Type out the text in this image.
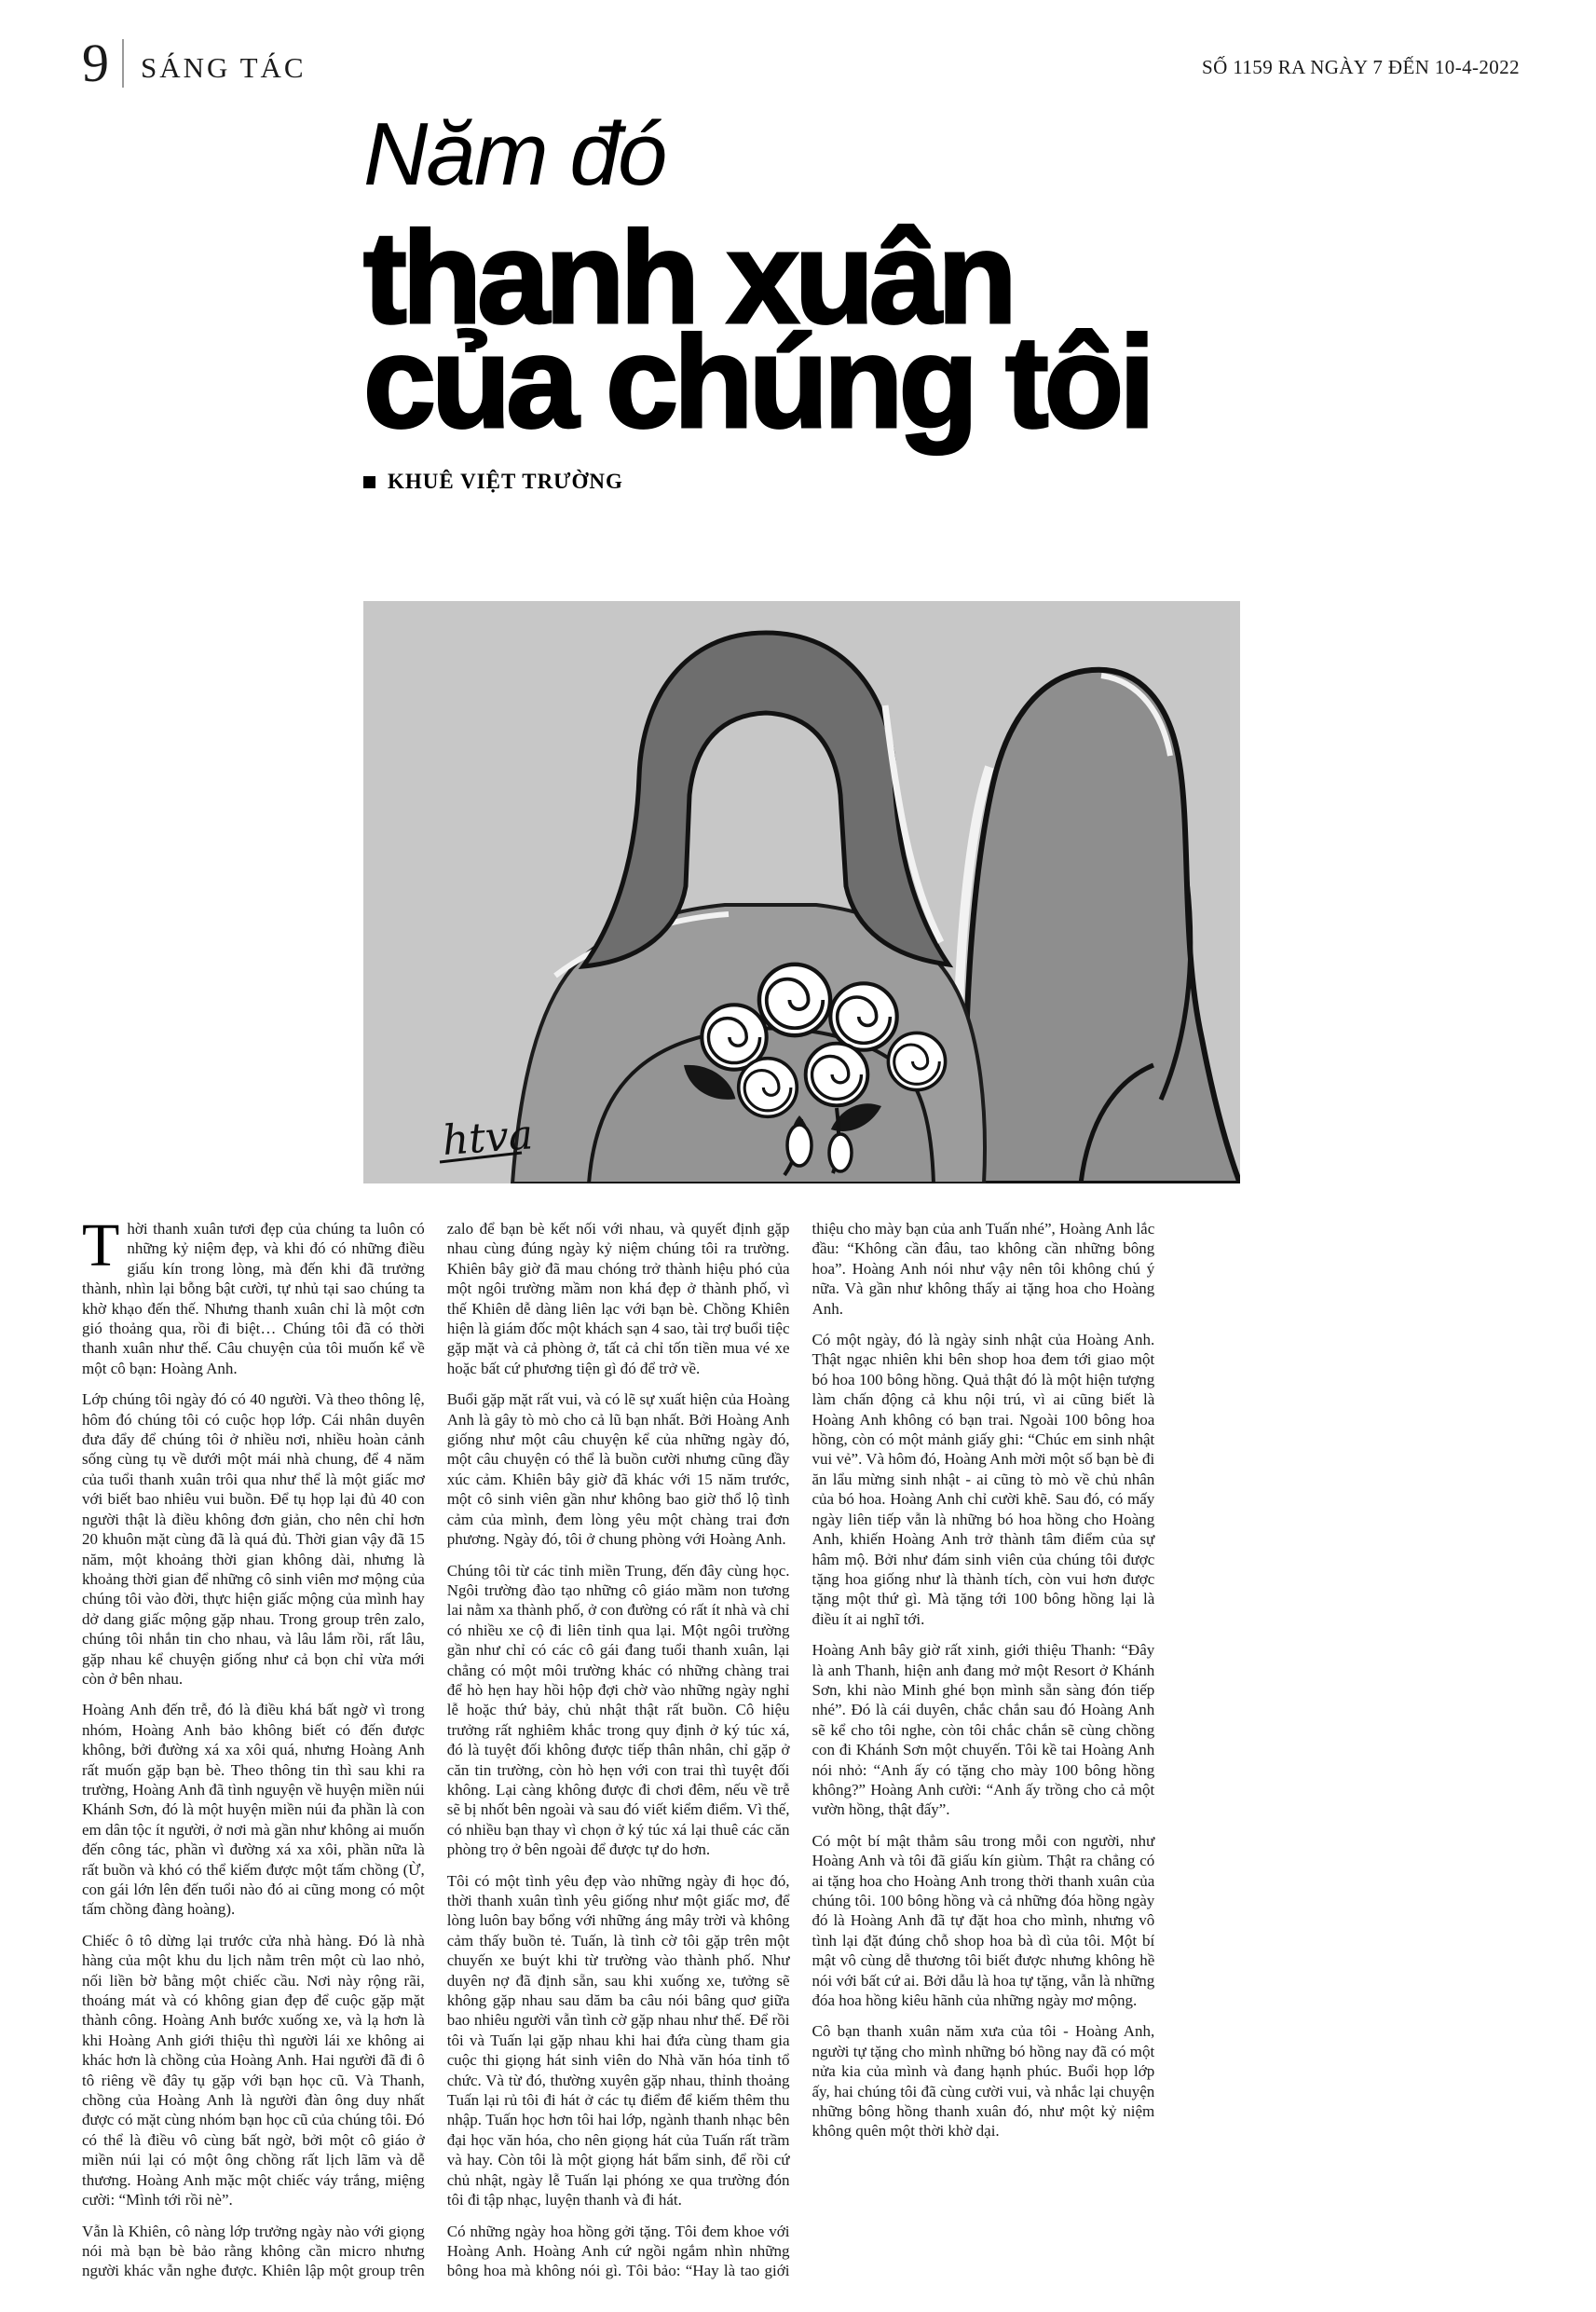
9 SÁNG TÁC	SỐ 1159 RA NGÀY 7 ĐẾN 10-4-2022
Năm đó
thanh xuân
của chúng tôi
KHUÊ VIỆT TRƯỜNG
htva

Thời thanh xuân tươi đẹp của chúng ta luôn có những kỷ niệm đẹp, và khi đó có những điều giấu kín trong lòng, mà đến khi đã trưởng thành, nhìn lại bỗng bật cười, tự nhủ tại sao chúng ta khờ khạo đến thế. Nhưng thanh xuân chỉ là một cơn gió thoảng qua, rồi đi biệt… Chúng tôi đã có thời thanh xuân như thế. Câu chuyện của tôi muốn kể về một cô bạn: Hoàng Anh.

Lớp chúng tôi ngày đó có 40 người. Và theo thông lệ, hôm đó chúng tôi có cuộc họp lớp. Cái nhân duyên đưa đẩy để chúng tôi ở nhiều nơi, nhiều hoàn cảnh sống cùng tụ về dưới một mái nhà chung, để 4 năm của tuổi thanh xuân trôi qua như thể là một giấc mơ với biết bao nhiêu vui buồn. Để tụ họp lại đủ 40 con người thật là điều không đơn giản, cho nên chỉ hơn 20 khuôn mặt cùng đã là quá đủ. Thời gian vậy đã 15 năm, một khoảng thời gian không dài, nhưng là khoảng thời gian để những cô sinh viên mơ mộng của chúng tôi vào đời, thực hiện giấc mộng của mình hay dở dang giấc mộng gặp nhau. Trong group trên zalo, chúng tôi nhắn tin cho nhau, và lâu lắm rồi, rất lâu, gặp nhau kể chuyện giống như cả bọn chỉ vừa mới còn ở bên nhau.

Hoàng Anh đến trễ, đó là điều khá bất ngờ vì trong nhóm, Hoàng Anh bảo không biết có đến được không, bởi đường xá xa xôi quá, nhưng Hoàng Anh rất muốn gặp bạn bè. Theo thông tin thì sau khi ra trường, Hoàng Anh đã tình nguyện về huyện miền núi Khánh Sơn, đó là một huyện miền núi đa phần là con em dân tộc ít người, ở nơi mà gần như không ai muốn đến công tác, phần vì đường xá xa xôi, phần nữa là rất buồn và khó có thể kiếm được một tấm chồng (Ừ, con gái lớn lên đến tuổi nào đó ai cũng mong có một tấm chồng đàng hoàng).

Chiếc ô tô dừng lại trước cửa nhà hàng. Đó là nhà hàng của một khu du lịch nằm trên một cù lao nhỏ, nối liền bờ bằng một chiếc cầu. Nơi này rộng rãi, thoáng mát và có không gian đẹp để cuộc gặp mặt thành công. Hoàng Anh bước xuống xe, và lạ hơn là khi Hoàng Anh giới thiệu thì người lái xe không ai khác hơn là chồng của Hoàng Anh. Hai người đã đi ô tô riêng về đây tụ gặp với bạn học cũ. Và Thanh, chồng của Hoàng Anh là người đàn ông duy nhất được có mặt cùng nhóm bạn học cũ của chúng tôi. Đó có thể là điều vô cùng bất ngờ, bởi một cô giáo ở miền núi lại có một ông chồng rất lịch lãm và dễ thương. Hoàng Anh mặc một chiếc váy trắng, miệng cười: “Mình tới rồi nè”.

Vẫn là Khiên, cô nàng lớp trưởng ngày nào với giọng nói mà bạn bè bảo rằng không cần micro nhưng người khác vẫn nghe được. Khiên lập một group trên zalo để bạn bè kết nối với nhau, và quyết định gặp nhau cùng đúng ngày kỷ niệm chúng tôi ra trường. Khiên bây giờ đã mau chóng trở thành hiệu phó của một ngôi trường mầm non khá đẹp ở thành phố, vì thế Khiên dễ dàng liên lạc với bạn bè. Chồng Khiên hiện là giám đốc một khách sạn 4 sao, tài trợ buổi tiệc gặp mặt và cả phòng ở, tất cả chỉ tốn tiền mua vé xe hoặc bất cứ phương tiện gì đó để trở về.

Buổi gặp mặt rất vui, và có lẽ sự xuất hiện của Hoàng Anh là gây tò mò cho cả lũ bạn nhất. Bởi Hoàng Anh giống như một câu chuyện kể của những ngày đó, một câu chuyện có thể là buồn cười nhưng cũng đầy xúc cảm. Khiên bây giờ đã khác với 15 năm trước, một cô sinh viên gần như không bao giờ thổ lộ tình cảm của mình, đem lòng yêu một chàng trai đơn phương. Ngày đó, tôi ở chung phòng với Hoàng Anh.

Chúng tôi từ các tỉnh miền Trung, đến đây cùng học. Ngôi trường đào tạo những cô giáo mầm non tương lai nằm xa thành phố, ở con đường có rất ít nhà và chỉ có nhiều xe cộ đi liên tỉnh qua lại. Một ngôi trường gần như chỉ có các cô gái đang tuổi thanh xuân, lại chẳng có một môi trường khác có những chàng trai để hò hẹn hay hồi hộp đợi chờ vào những ngày nghỉ lễ hoặc thứ bảy, chủ nhật thật rất buồn. Cô hiệu trưởng rất nghiêm khắc trong quy định ở ký túc xá, đó là tuyệt đối không được tiếp thân nhân, chỉ gặp ở căn tin trường, còn hò hẹn với con trai thì tuyệt đối không. Lại càng không được đi chơi đêm, nếu về trễ sẽ bị nhốt bên ngoài và sau đó viết kiểm điểm. Vì thế, có nhiều bạn thay vì chọn ở ký túc xá lại thuê các căn phòng trọ ở bên ngoài để được tự do hơn.

Tôi có một tình yêu đẹp vào những ngày đi học đó, thời thanh xuân tình yêu giống như một giấc mơ, để lòng luôn bay bổng với những áng mây trời và không cảm thấy buồn tẻ. Tuấn, là tình cờ tôi gặp trên một chuyến xe buýt khi từ trường vào thành phố. Như duyên nợ đã định sẵn, sau khi xuống xe, tưởng sẽ không gặp nhau sau dăm ba câu nói bâng quơ giữa bao nhiêu người vẫn tình cờ gặp nhau như thế. Để rồi tôi và Tuấn lại gặp nhau khi hai đứa cùng tham gia cuộc thi giọng hát sinh viên do Nhà văn hóa tỉnh tổ chức. Và từ đó, thường xuyên gặp nhau, thỉnh thoảng Tuấn lại rủ tôi đi hát ở các tụ điểm để kiếm thêm thu nhập. Tuấn học hơn tôi hai lớp, ngành thanh nhạc bên đại học văn hóa, cho nên giọng hát của Tuấn rất trầm và hay. Còn tôi là một giọng hát bẩm sinh, để rồi cứ chủ nhật, ngày lễ Tuấn lại phóng xe qua trường đón tôi đi tập nhạc, luyện thanh và đi hát.

Có những ngày hoa hồng gởi tặng. Tôi đem khoe với Hoàng Anh. Hoàng Anh cứ ngồi ngắm nhìn những bông hoa mà không nói gì. Tôi bảo: “Hay là tao giới thiệu cho mày bạn của anh Tuấn nhé”, Hoàng Anh lắc đầu: “Không cần đâu, tao không cần những bông hoa”. Hoàng Anh nói như vậy nên tôi không chú ý nữa. Và gần như không thấy ai tặng hoa cho Hoàng Anh.

Có một ngày, đó là ngày sinh nhật của Hoàng Anh. Thật ngạc nhiên khi bên shop hoa đem tới giao một bó hoa 100 bông hồng. Quả thật đó là một hiện tượng làm chấn động cả khu nội trú, vì ai cũng biết là Hoàng Anh không có bạn trai. Ngoài 100 bông hoa hồng, còn có một mảnh giấy ghi: “Chúc em sinh nhật vui vẻ”. Và hôm đó, Hoàng Anh mời một số bạn bè đi ăn lẩu mừng sinh nhật - ai cũng tò mò về chủ nhân của bó hoa. Hoàng Anh chỉ cười khẽ. Sau đó, có mấy ngày liên tiếp vẫn là những bó hoa hồng cho Hoàng Anh, khiến Hoàng Anh trở thành tâm điểm của sự hâm mộ. Bởi như đám sinh viên của chúng tôi được tặng hoa giống như là thành tích, còn vui hơn được tặng một thứ gì. Mà tặng tới 100 bông hồng lại là điều ít ai nghĩ tới.

Hoàng Anh bây giờ rất xinh, giới thiệu Thanh: “Đây là anh Thanh, hiện anh đang mở một Resort ở Khánh Sơn, khi nào Minh ghé bọn mình sẵn sàng đón tiếp nhé”. Đó là cái duyên, chắc chắn sau đó Hoàng Anh sẽ kể cho tôi nghe, còn tôi chắc chắn sẽ cùng chồng con đi Khánh Sơn một chuyến. Tôi kề tai Hoàng Anh nói nhỏ: “Anh ấy có tặng cho mày 100 bông hồng không?” Hoàng Anh cười: “Anh ấy trồng cho cả một vườn hồng, thật đấy”.

Có một bí mật thẳm sâu trong mỗi con người, như Hoàng Anh và tôi đã giấu kín giùm. Thật ra chẳng có ai tặng hoa cho Hoàng Anh trong thời thanh xuân của chúng tôi. 100 bông hồng và cả những đóa hồng ngày đó là Hoàng Anh đã tự đặt hoa cho mình, nhưng vô tình lại đặt đúng chỗ shop hoa bà dì của tôi. Một bí mật vô cùng dễ thương tôi biết được nhưng không hề nói với bất cứ ai. Bởi dẫu là hoa tự tặng, vẫn là những đóa hoa hồng kiêu hãnh của những ngày mơ mộng.

Cô bạn thanh xuân năm xưa của tôi - Hoàng Anh, người tự tặng cho mình những bó hồng nay đã có một nửa kia của mình và đang hạnh phúc. Buổi họp lớp ấy, hai chúng tôi đã cùng cười vui, và nhắc lại chuyện những bông hồng thanh xuân đó, như một kỷ niệm không quên một thời khờ dại.
